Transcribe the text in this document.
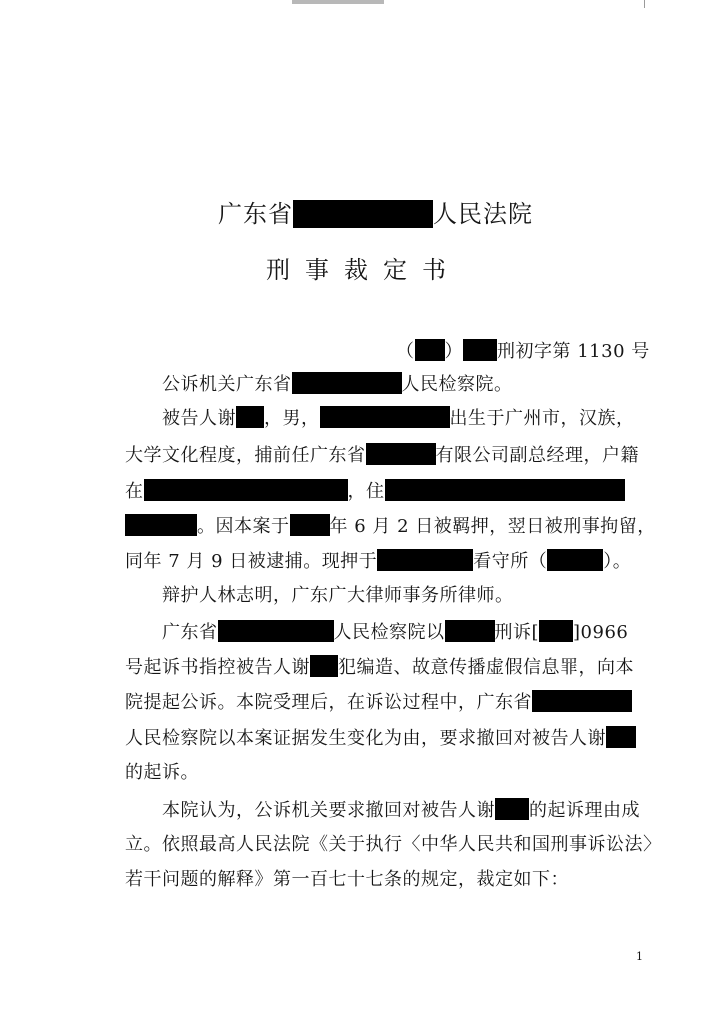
广东省	人民法院
刑事裁定书
（ ） 刑初字第 1130 号
公诉机关广东省	人民检察院。
被告人谢 ，男，	出生于广州市，汉族，
大学文化程度，捕前任广东省	有限公司副总经理，户籍
在	，住
。因本案于 年 6 月 2 日被羁押，翌日被刑事拘留，
同年 7 月 9 日被逮捕。现押于	看守所（	）。
辩护人林志明，广东广大律师事务所律师。
广东省	人民检察院以	刑诉[ ]0966
号起诉书指控被告人谢 犯编造、故意传播虚假信息罪，向本
院提起公诉。本院受理后，在诉讼过程中，广东省
人民检察院以本案证据发生变化为由，要求撤回对被告人谢
的起诉。
本院认为，公诉机关要求撤回对被告人谢 的起诉理由成
立。依照最高人民法院《关于执行〈中华人民共和国刑事诉讼法〉
若干问题的解释》第一百七十七条的规定，裁定如下：
1
